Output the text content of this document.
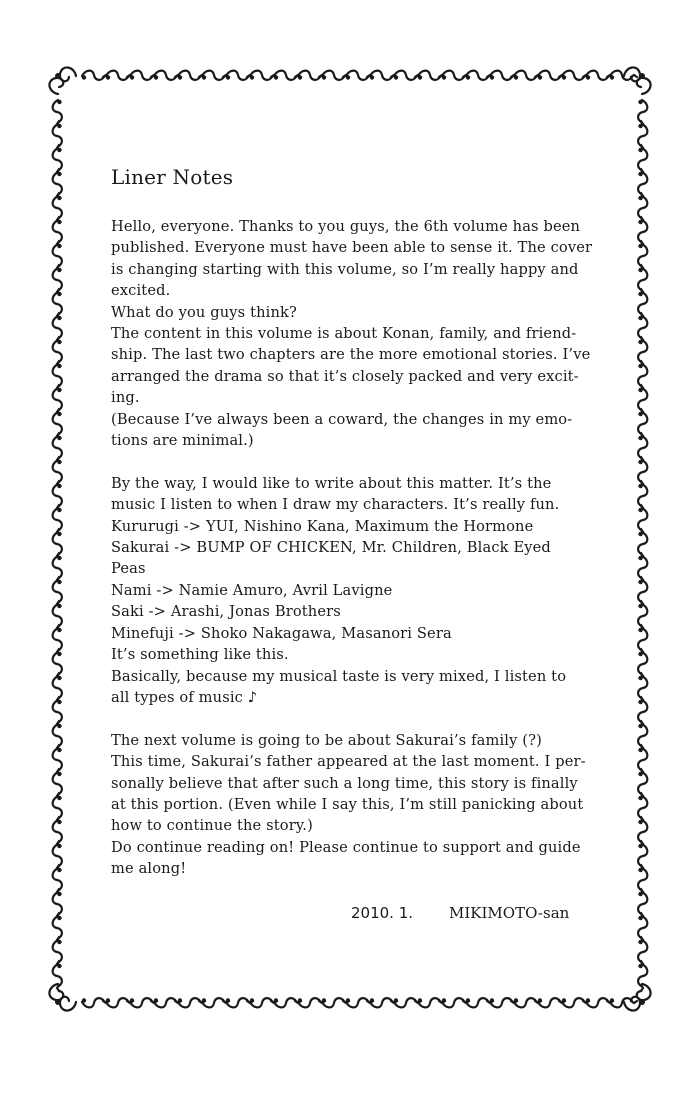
Liner Notes
Hello, everyone. Thanks to you guys, the 6th volume has been
published. Everyone must have been able to sense it. The cover
is changing starting with this volume, so I’m really happy and
excited.
What do you guys think?
The content in this volume is about Konan, family, and friend-
ship. The last two chapters are the more emotional stories. I’ve
arranged the drama so that it’s closely packed and very excit-
ing.
(Because I’ve always been a coward, the changes in my emo-
tions are minimal.)
By the way, I would like to write about this matter. It’s the
music I listen to when I draw my characters. It’s really fun.
Kururugi -> YUI, Nishino Kana, Maximum the Hormone
Sakurai -> BUMP OF CHICKEN, Mr. Children, Black Eyed
Peas
Nami -> Namie Amuro, Avril Lavigne
Saki -> Arashi, Jonas Brothers
Minefuji -> Shoko Nakagawa, Masanori Sera
It’s something like this.
Basically, because my musical taste is very mixed, I listen to
all types of music ♪
The next volume is going to be about Sakurai’s family (?)
This time, Sakurai’s father appeared at the last moment. I per-
sonally believe that after such a long time, this story is finally
at this portion. (Even while I say this, I’m still panicking about
how to continue the story.)
Do continue reading on! Please continue to support and guide
me along!
2010. 1. MIKIMOTO-san
